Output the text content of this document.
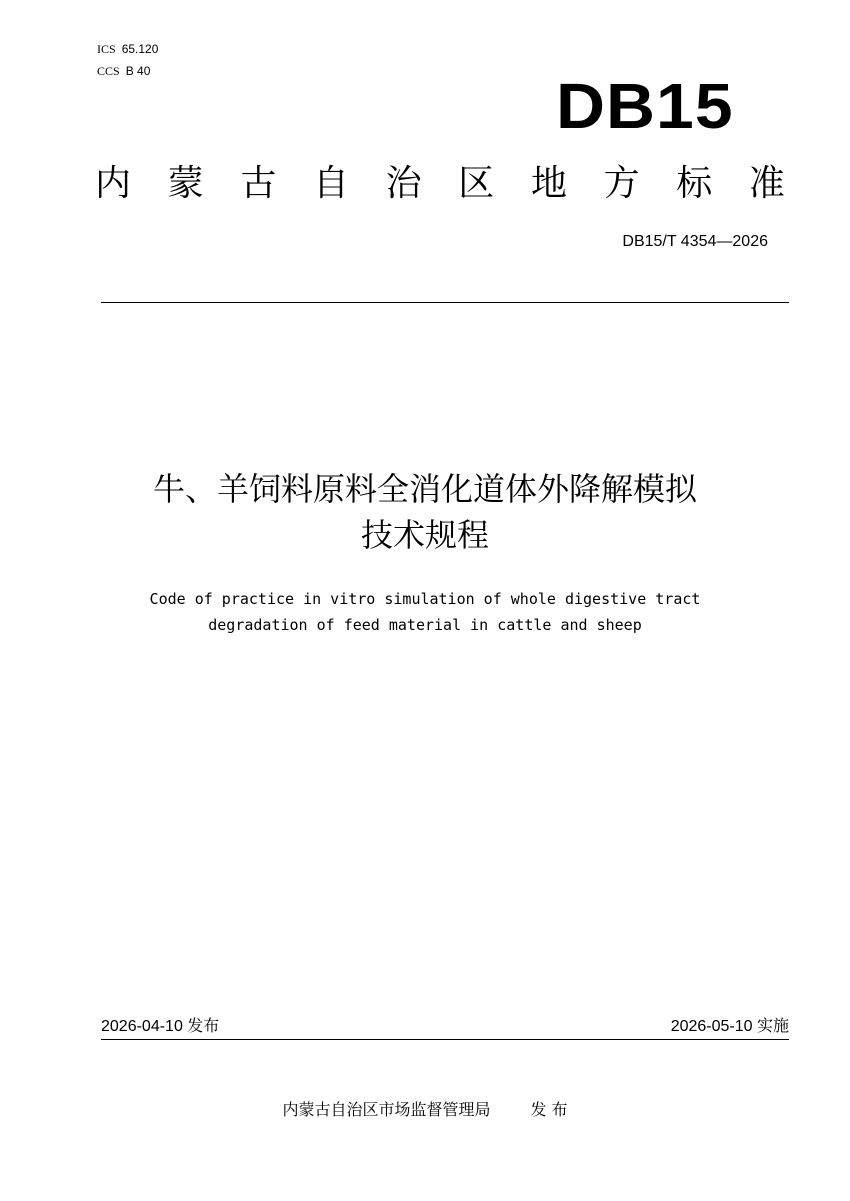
ICS 65.120
CCS B 40	DB15
内 蒙 古 自 治 区 地 方 标 准
DB15/T 4354—2026
牛、羊饲料原料全消化道体外降解模拟
技术规程
Code of practice in vitro simulation of whole digestive tract
degradation of feed material in cattle and sheep
2026-04-10 发布	2026-05-10 实施
内蒙古自治区市场监督管理局	发 布
